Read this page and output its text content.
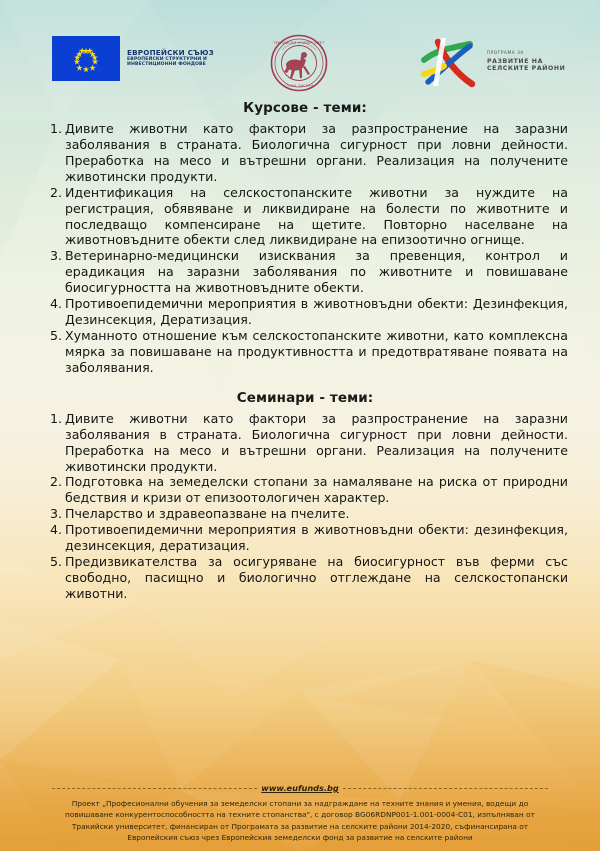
ЕВРОПЕЙСКИ СЪЮЗ
ЕВРОПЕЙСКИ СТРУКТУРНИ И
ИНВЕСТИЦИОННИ ФОНДОВЕ
ТРАКИЙСКИ УНИВЕРСИТЕТ
СТАРА ЗАГОРА
ПРОГРАМА ЗА
РАЗВИТИЕ НА
СЕЛСКИТЕ РАЙОНИ
Курсове - теми:
Дивите животни като фактори за разпространение на заразни заболявания в страната. Биологична сигурност при ловни дейности. Преработка на месо и вътрешни органи. Реализация на получените животински продукти.
Идентификация на селскостопанските животни за нуждите на регистрация, обявяване и ликвидиране на болести по животните и последващо компенсиране на щетите. Повторно населване на животновъдните обекти след ликвидиране на епизоотично огнище.
Ветеринарно-медицински изисквания за превенция, контрол и ерадикация на заразни заболявания по животните и повишаване биосигурността на животновъдните обекти.
Противоепидемични мероприятия в животновъдни обекти: Дезинфекция, Дезинсекция, Дератизация.
Хуманното отношение към селскостопанските животни, като комплексна мярка за повишаване на продуктивността и предотвратяване появата на заболявания.
Семинари - теми:
Дивите животни като фактори за разпространение на заразни заболявания в страната. Биологична сигурност при ловни дейности. Преработка на месо и вътрешни органи. Реализация на получените животински продукти.
Подготовка на земеделски стопани за намаляване на риска от природни бедствия и кризи от епизоотологичен характер.
Пчеларство и здравеопазване на пчелите.
Противоепидемични мероприятия в животновъдни обекти: дезинфекция, дезинсекция, дератизация.
Предизвикателства за осигуряване на биосигурност във ферми със свободно, пасищно и биологично отглеждане на селскостопански животни.
www.eufunds.bg
Проект „Професионални обучения за земеделски стопани за надграждане на техните знания и умения, водещи до
повишаване конкурентоспособността на техните стопанства", с договор BG06RDNP001-1.001-0004-C01, изпълняван от
Тракийски университет, финансиран от Програмата за развитие на селските райони 2014-2020, съфинансирана от
Европейския съюз чрез Европейския земеделски фонд за развитие на селските райони
